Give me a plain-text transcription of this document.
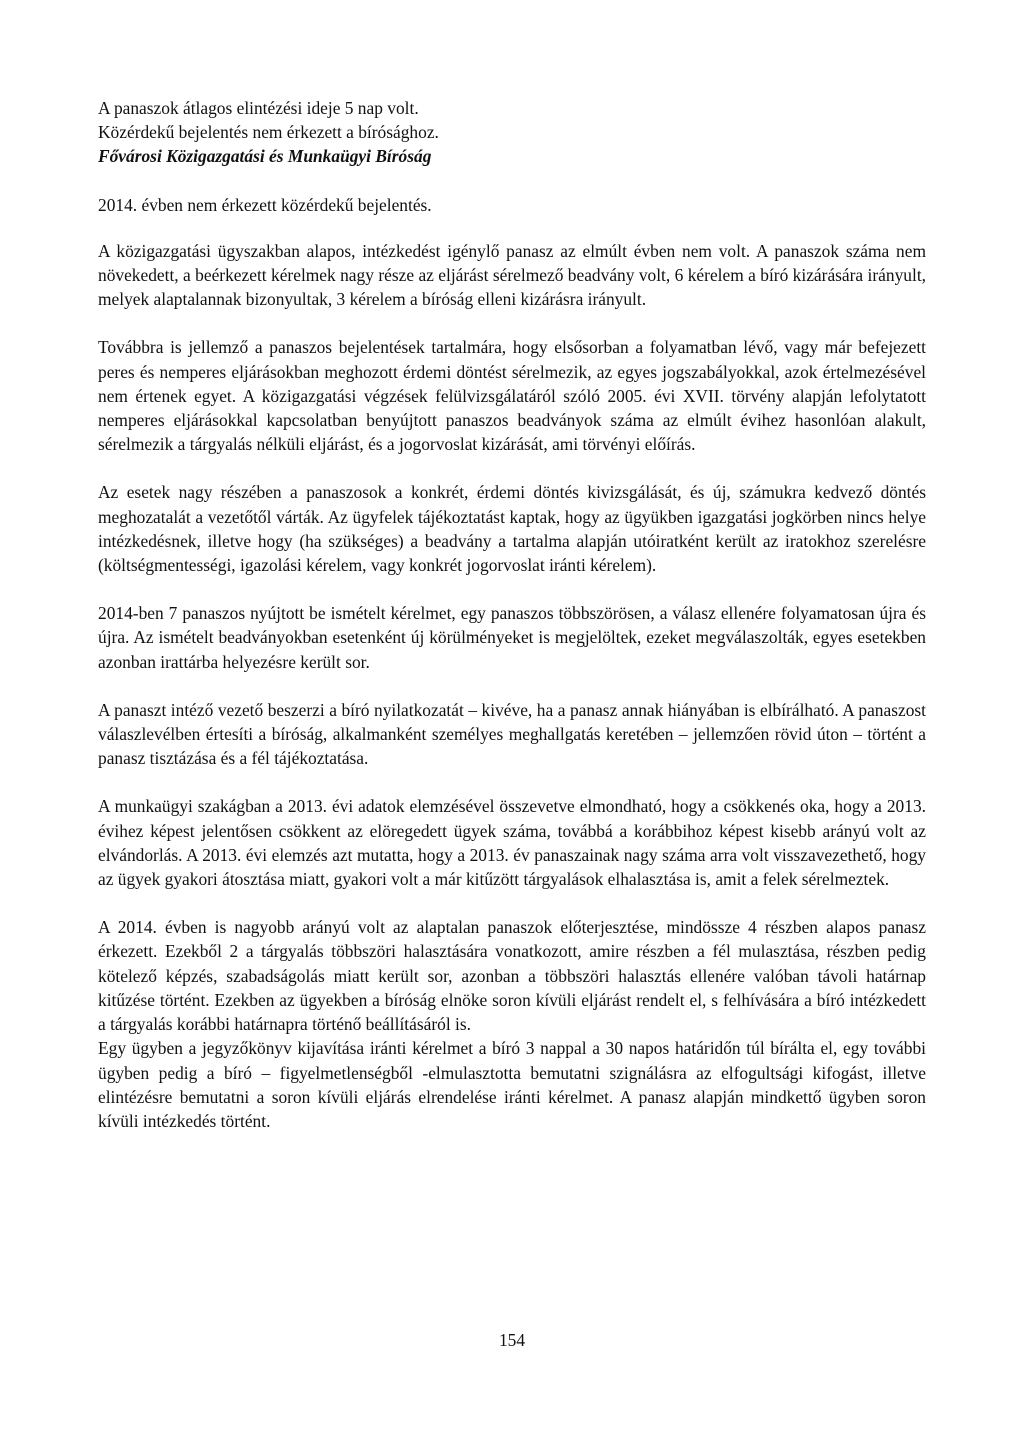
A panaszok átlagos elintézési ideje 5 nap volt.

Közérdekű bejelentés nem érkezett a bírósághoz.

Fővárosi Közigazgatási és Munkaügyi Bíróság

2014. évben nem érkezett közérdekű bejelentés.

A közigazgatási ügyszakban alapos, intézkedést igénylő panasz az elmúlt évben nem volt. A panaszok száma nem növekedett, a beérkezett kérelmek nagy része az eljárást sérelmező beadvány volt, 6 kérelem a bíró kizárására irányult, melyek alaptalannak bizonyultak, 3 kérelem a bíróság elleni kizárásra irányult.

Továbbra is jellemző a panaszos bejelentések tartalmára, hogy elsősorban a folyamatban lévő, vagy már befejezett peres és nemperes eljárásokban meghozott érdemi döntést sérelmezik, az egyes jogszabályokkal, azok értelmezésével nem értenek egyet. A közigazgatási végzések felülvizsgálatáról szóló 2005. évi XVII. törvény alapján lefolytatott nemperes eljárásokkal kapcsolatban benyújtott panaszos beadványok száma az elmúlt évihez hasonlóan alakult, sérelmezik a tárgyalás nélküli eljárást, és a jogorvoslat kizárását, ami törvényi előírás.

Az esetek nagy részében a panaszosok a konkrét, érdemi döntés kivizsgálását, és új, számukra kedvező döntés meghozatalát a vezetőtől várták. Az ügyfelek tájékoztatást kaptak, hogy az ügyükben igazgatási jogkörben nincs helye intézkedésnek, illetve hogy (ha szükséges) a beadvány a tartalma alapján utóiratként került az iratokhoz szerelésre (költségmentességi, igazolási kérelem, vagy konkrét jogorvoslat iránti kérelem).

2014-ben 7 panaszos nyújtott be ismételt kérelmet, egy panaszos többszörösen, a válasz ellenére folyamatosan újra és újra. Az ismételt beadványokban esetenként új körülményeket is megjelöltek, ezeket megválaszolták, egyes esetekben azonban irattárba helyezésre került sor.

A panaszt intéző vezető beszerzi a bíró nyilatkozatát – kivéve, ha a panasz annak hiányában is elbírálható. A panaszost válaszlevélben értesíti a bíróság, alkalmanként személyes meghallgatás keretében – jellemzően rövid úton – történt a panasz tisztázása és a fél tájékoztatása.

A munkaügyi szakágban a 2013. évi adatok elemzésével összevetve elmondható, hogy a csökkenés oka, hogy a 2013. évihez képest jelentősen csökkent az elöregedett ügyek száma, továbbá a korábbihoz képest kisebb arányú volt az elvándorlás. A 2013. évi elemzés azt mutatta, hogy a 2013. év panaszainak nagy száma arra volt visszavezethető, hogy az ügyek gyakori átosztása miatt, gyakori volt a már kitűzött tárgyalások elhalasztása is, amit a felek sérelmeztek.

A 2014. évben is nagyobb arányú volt az alaptalan panaszok előterjesztése, mindössze 4 részben alapos panasz érkezett. Ezekből 2 a tárgyalás többszöri halasztására vonatkozott, amire részben a fél mulasztása, részben pedig kötelező képzés, szabadságolás miatt került sor, azonban a többszöri halasztás ellenére valóban távoli határnap kitűzése történt. Ezekben az ügyekben a bíróság elnöke soron kívüli eljárást rendelt el, s felhívására a bíró intézkedett a tárgyalás korábbi határnapra történő beállításáról is.

Egy ügyben a jegyzőkönyv kijavítása iránti kérelmet a bíró 3 nappal a 30 napos határidőn túl bírálta el, egy további ügyben pedig a bíró – figyelmetlenségből -elmulasztotta bemutatni szignálásra az elfogultsági kifogást, illetve elintézésre bemutatni a soron kívüli eljárás elrendelése iránti kérelmet. A panasz alapján mindkettő ügyben soron kívüli intézkedés történt.

154
